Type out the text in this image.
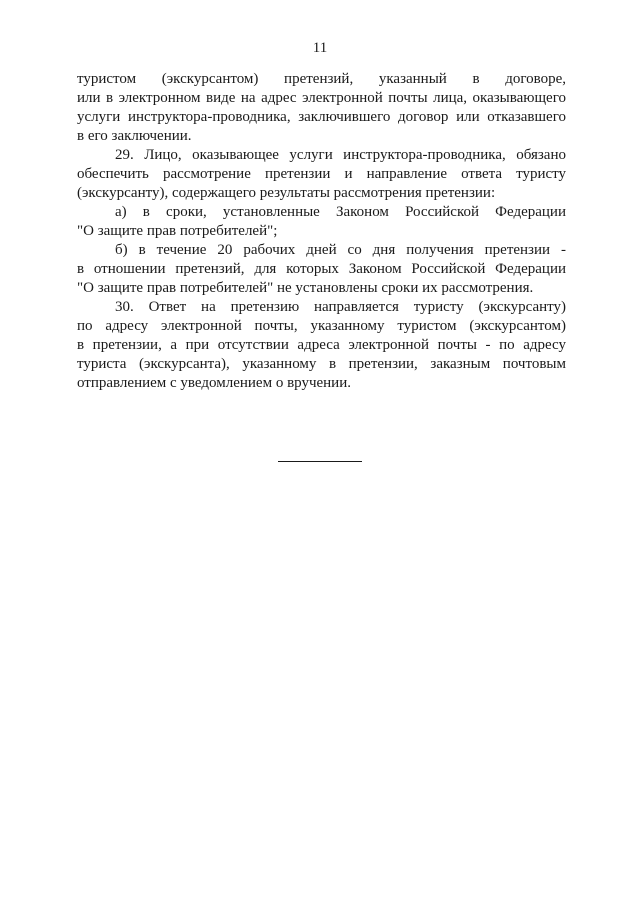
11
туристом (экскурсантом) претензий, указанный в договоре,
или в электронном виде на адрес электронной почты лица, оказывающего
услуги инструктора-проводника, заключившего договор или отказавшего
в его заключении.
29. Лицо, оказывающее услуги инструктора-проводника, обязано
обеспечить рассмотрение претензии и направление ответа туристу
(экскурсанту), содержащего результаты рассмотрения претензии:
а) в сроки, установленные Законом Российской Федерации
"О защите прав потребителей";
б) в течение 20 рабочих дней со дня получения претензии -
в отношении претензий, для которых Законом Российской Федерации
"О защите прав потребителей" не установлены сроки их рассмотрения.
30. Ответ на претензию направляется туристу (экскурсанту)
по адресу электронной почты, указанному туристом (экскурсантом)
в претензии, а при отсутствии адреса электронной почты - по адресу
туриста (экскурсанта), указанному в претензии, заказным почтовым
отправлением с уведомлением о вручении.
